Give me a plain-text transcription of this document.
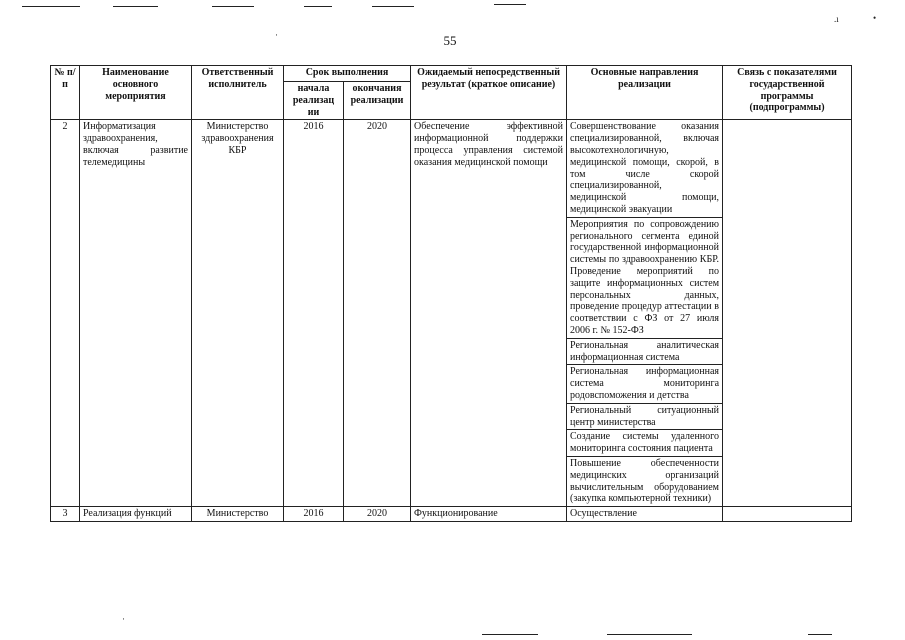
.ı	•
·
·
55
№ п/п	Наименование основного мероприятия	Ответственный исполнитель	Срок выполнения		Ожидаемый непосредственный результат (краткое описание)	Основные направления реализации	Связь с показателями государственной программы (подпрограммы)
			начала реализац ии	окончания реализации			
2	Информатизация здравоохранения, включая развитие телемедицины	Министерство здравоохранения КБР	2016	2020	Обеспечение эффективной информационной поддержки процесса управления системой оказания медицинской помощи	Совершенствование оказания специализированной, включая высокотехнологичную, медицинской помощи, скорой, в том числе скорой специализированной, медицинской помощи, медицинской эвакуации	
						Мероприятия по сопровождению регионального сегмента единой государственной информационной системы по здравоохранению КБР. Проведение мероприятий по защите информационных систем персональных данных, проведение процедур аттестации в соответствии с ФЗ от 27 июля 2006 г. № 152-ФЗ	
						Региональная аналитическая информационная система	
						Региональная информационная система мониторинга родовспоможения и детства	
						Региональный ситуационный центр министерства	
						Создание системы удаленного мониторинга состояния пациента	
						Повышение обеспеченности медицинских организаций вычислительным оборудованием (закупка компьютерной техники)	
3	Реализация функций	Министерство	2016	2020	Функционирование	Осуществление	
